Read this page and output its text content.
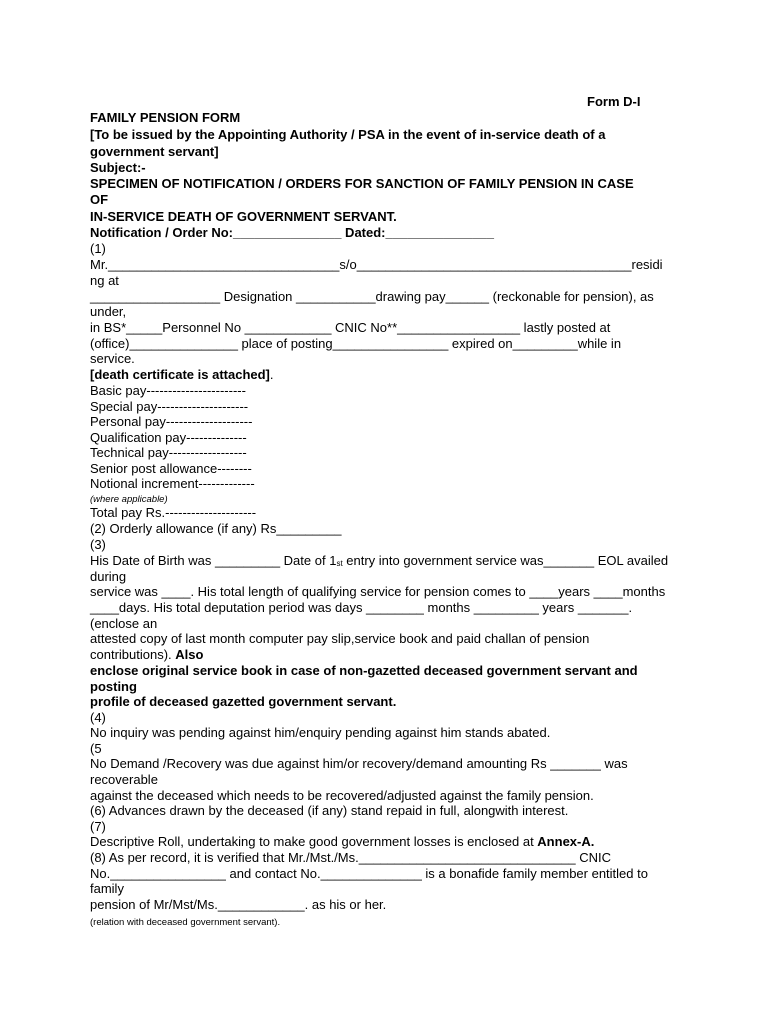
Form D-I
FAMILY PENSION FORM
[To be issued by the Appointing Authority / PSA in the event of in-service death of a
government servant]
Subject:-
SPECIMEN OF NOTIFICATION / ORDERS FOR SANCTION OF FAMILY PENSION IN CASE
OF
IN-SERVICE DEATH OF GOVERNMENT SERVANT.
Notification / Order No:_______________ Dated:_______________
(1)
Mr.________________________________s/o______________________________________residi
ng at
__________________ Designation ___________drawing pay______ (reckonable for pension), as
under,
in BS*_____Personnel No ____________ CNIC No**_________________ lastly posted at
(office)_______________ place of posting________________ expired on_________while in
service.
[death certificate is attached].
Basic pay-----------------------
Special pay---------------------
Personal pay--------------------
Qualification pay--------------
Technical pay------------------
Senior post allowance--------
Notional increment-------------
(where applicable)
Total pay Rs.---------------------
(2) Orderly allowance (if any) Rs_________
(3)
His Date of Birth was _________ Date of 1st entry into government service was_______ EOL availed
during
service was ____. His total length of qualifying service for pension comes to ____years ____months
____days. His total deputation period was days ________ months _________ years _______.
(enclose an
attested copy of last month computer pay slip,service book and paid challan of pension
contributions). Also
enclose original service book in case of non-gazetted deceased government servant and
posting
profile of deceased gazetted government servant.
(4)
No inquiry was pending against him/enquiry pending against him stands abated.
(5
No Demand /Recovery was due against him/or recovery/demand amounting Rs _______ was
recoverable
against the deceased which needs to be recovered/adjusted against the family pension.
(6) Advances drawn by the deceased (if any) stand repaid in full, alongwith interest.
(7)
Descriptive Roll, undertaking to make good government losses is enclosed at Annex-A.
(8) As per record, it is verified that Mr./Mst./Ms.______________________________ CNIC
No.________________ and contact No.______________ is a bonafide family member entitled to
family
pension of Mr/Mst/Ms.____________. as his or her.
(relation with deceased government servant).
